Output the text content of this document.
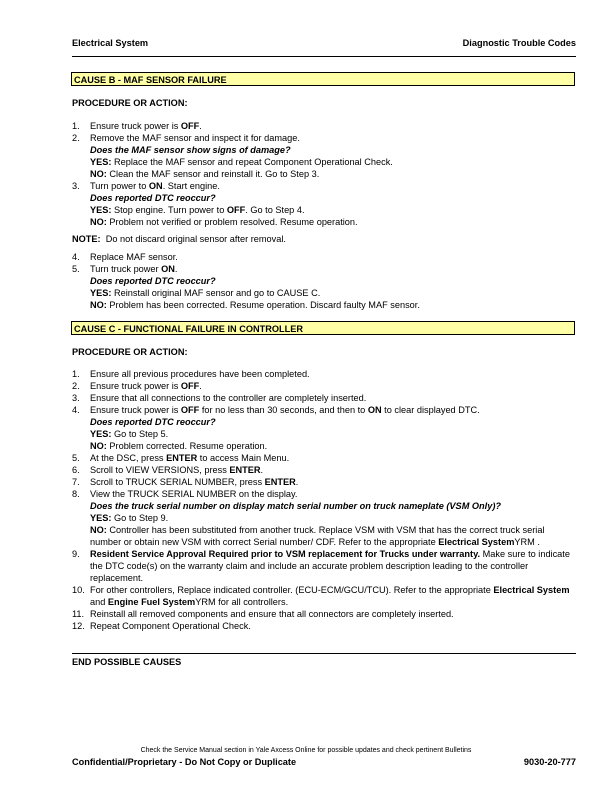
Electrical System	Diagnostic Trouble Codes
CAUSE B - MAF SENSOR FAILURE
PROCEDURE OR ACTION:
1. Ensure truck power is OFF.
2. Remove the MAF sensor and inspect it for damage.
Does the MAF sensor show signs of damage?
YES: Replace the MAF sensor and repeat Component Operational Check.
NO: Clean the MAF sensor and reinstall it. Go to Step 3.
3. Turn power to ON. Start engine.
Does reported DTC reoccur?
YES: Stop engine. Turn power to OFF. Go to Step 4.
NO: Problem not verified or problem resolved. Resume operation.
NOTE:  Do not discard original sensor after removal.
4. Replace MAF sensor.
5. Turn truck power ON.
Does reported DTC reoccur?
YES: Reinstall original MAF sensor and go to CAUSE C.
NO: Problem has been corrected. Resume operation. Discard faulty MAF sensor.
CAUSE C - FUNCTIONAL FAILURE IN CONTROLLER
PROCEDURE OR ACTION:
1. Ensure all previous procedures have been completed.
2. Ensure truck power is OFF.
3. Ensure that all connections to the controller are completely inserted.
4. Ensure truck power is OFF for no less than 30 seconds, and then to ON to clear displayed DTC.
Does reported DTC reoccur?
YES: Go to Step 5.
NO: Problem corrected. Resume operation.
5. At the DSC, press ENTER to access Main Menu.
6. Scroll to VIEW VERSIONS, press ENTER.
7. Scroll to TRUCK SERIAL NUMBER, press ENTER.
8. View the TRUCK SERIAL NUMBER on the display.
Does the truck serial number on display match serial number on truck nameplate (VSM Only)?
YES: Go to Step 9.
NO: Controller has been substituted from another truck. Replace VSM with VSM that has the correct truck serial number or obtain new VSM with correct Serial number/ CDF. Refer to the appropriate Electrical SystemYRM .
9. Resident Service Approval Required prior to VSM replacement for Trucks under warranty. Make sure to indicate the DTC code(s) on the warranty claim and include an accurate problem description leading to the controller replacement.
10. For other controllers, Replace indicated controller. (ECU-ECM/GCU/TCU). Refer to the appropriate Electrical System and Engine Fuel SystemYRM for all controllers.
11. Reinstall all removed components and ensure that all connectors are completely inserted.
12. Repeat Component Operational Check.
END POSSIBLE CAUSES
Check the Service Manual section in Yale Axcess Online for possible updates and check pertinent Bulletins
Confidential/Proprietary - Do Not Copy or Duplicate	9030-20-777
